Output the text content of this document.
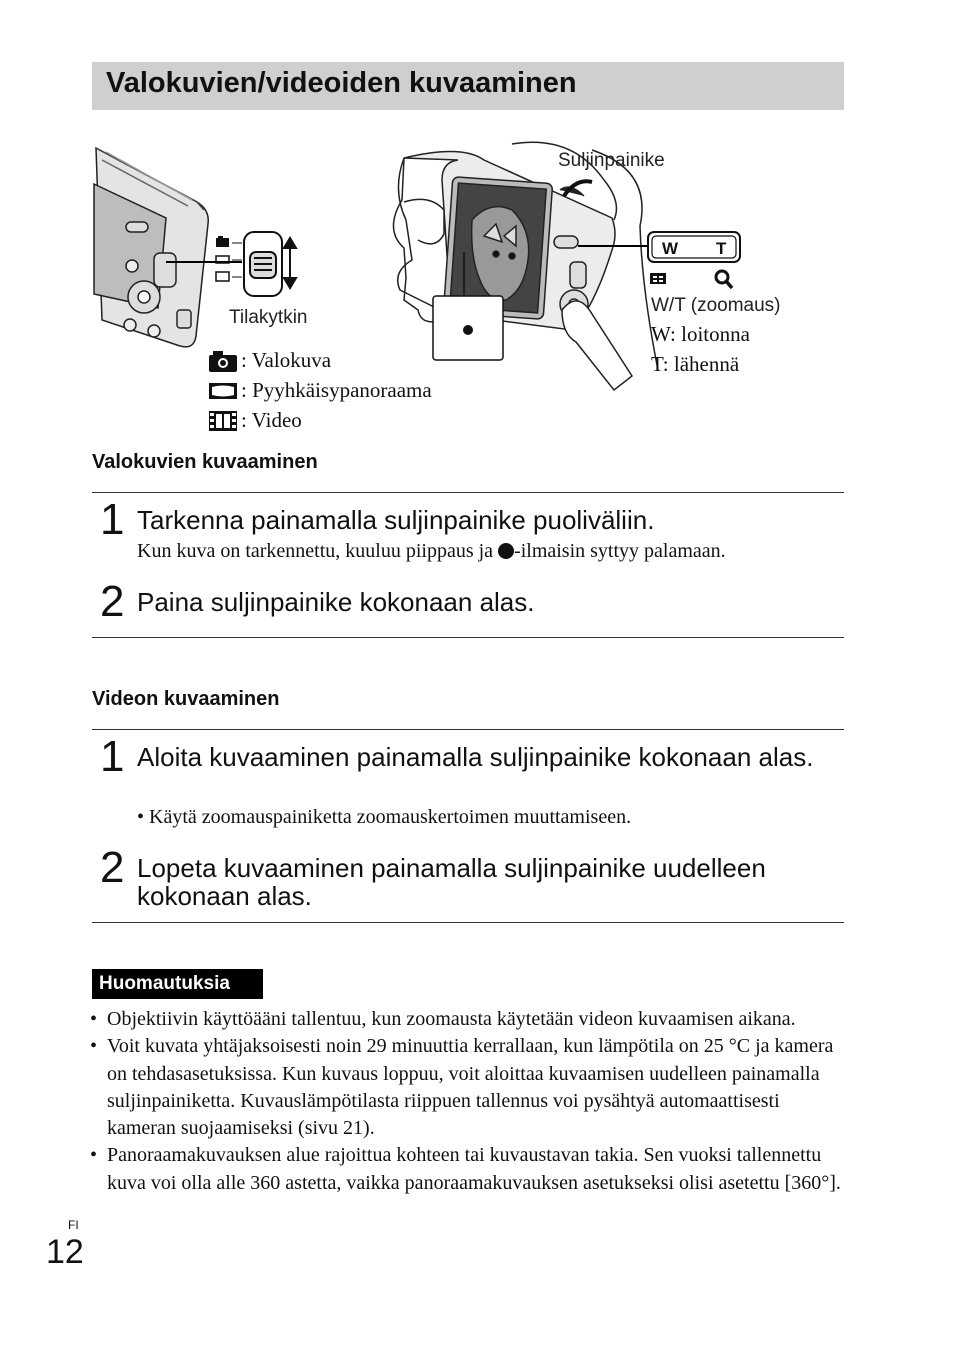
Valokuvien/videoiden kuvaaminen
W T
Suljinpainike
Tilakytkin
W/T (zoomaus)
W: loitonna
T: lähennä
: Valokuva
: Pyyhkäisypanoraama
: Video
Valokuvien kuvaaminen
1 Tarkenna painamalla suljinpainike puoliväliin.
Kun kuva on tarkennettu, kuuluu piippaus ja -ilmaisin syttyy palamaan.
2 Paina suljinpainike kokonaan alas.
Videon kuvaaminen
1 Aloita kuvaaminen painamalla suljinpainike kokonaan alas.
• Käytä zoomauspainiketta zoomauskertoimen muuttamiseen.
2 Lopeta kuvaaminen painamalla suljinpainike uudelleen kokonaan alas.
Huomautuksia
• Objektiivin käyttöääni tallentuu, kun zoomausta käytetään videon kuvaamisen aikana.
• Voit kuvata yhtäjaksoisesti noin 29 minuuttia kerrallaan, kun lämpötila on 25 °C ja kamera on tehdasasetuksissa. Kun kuvaus loppuu, voit aloittaa kuvaamisen uudelleen painamalla suljinpainiketta. Kuvauslämpötilasta riippuen tallennus voi pysähtyä automaattisesti kameran suojaamiseksi (sivu 21).
• Panoraamakuvauksen alue rajoittua kohteen tai kuvaustavan takia. Sen vuoksi tallennettu kuva voi olla alle 360 astetta, vaikka panoraamakuvauksen asetukseksi olisi asetettu [360°].
FI
12
